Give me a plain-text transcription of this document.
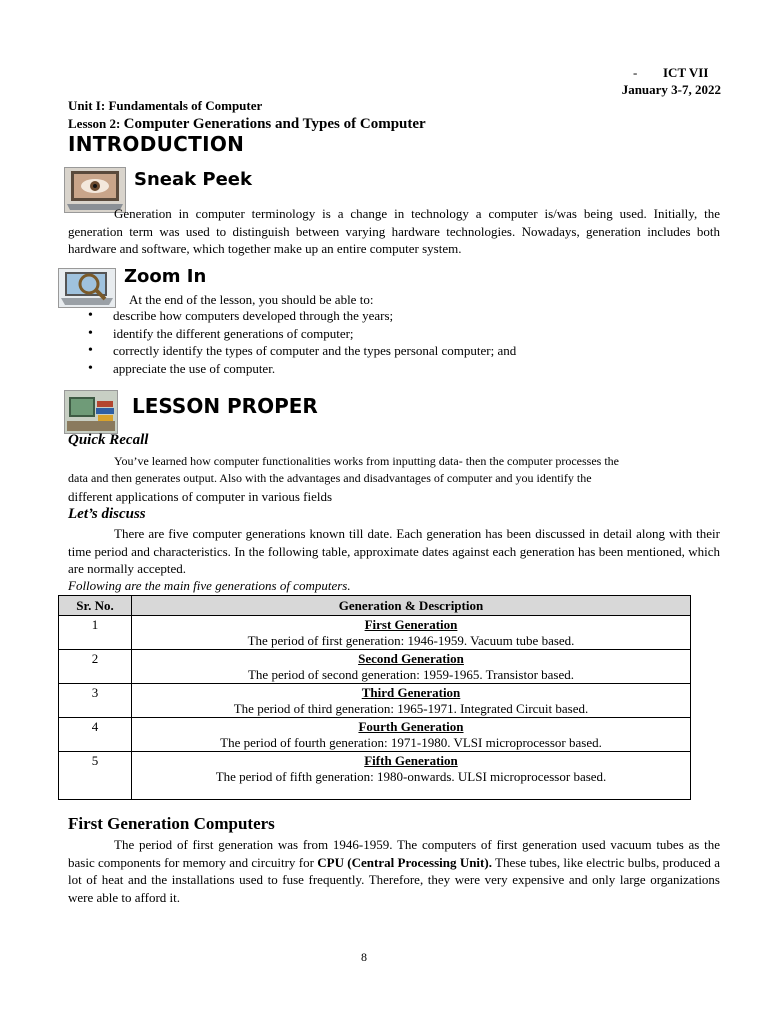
- ICT VII
January 3-7, 2022
Unit I: Fundamentals of Computer
Lesson 2: Computer Generations and Types of Computer
INTRODUCTION
Sneak Peek
Generation in computer terminology is a change in technology a computer is/was being used. Initially, the generation term was used to distinguish between varying hardware technologies. Nowadays, generation includes both hardware and software, which together make up an entire computer system.
Zoom In
At the end of the lesson, you should be able to:
• describe how computers developed through the years;
• identify the different generations of computer;
• correctly identify the types of computer and the types personal computer; and
• appreciate the use of computer.
LESSON PROPER
Quick Recall
You’ve learned how computer functionalities works from inputting data- then the computer processes the
data and then generates output. Also with the advantages and disadvantages of computer and you identify the
different applications of computer in various fields
Let’s discuss
There are five computer generations known till date. Each generation has been discussed in detail along with their time period and characteristics. In the following table, approximate dates against each generation has been mentioned, which are normally accepted.
Following are the main five generations of computers.
Sr. No.	Generation & Description
1	First Generation
The period of first generation: 1946-1959. Vacuum tube based.

2	Second Generation
The period of second generation: 1959-1965. Transistor based.

3	Third Generation
The period of third generation: 1965-1971. Integrated Circuit based.

4	Fourth Generation
The period of fourth generation: 1971-1980. VLSI microprocessor based.

5	Fifth Generation
The period of fifth generation: 1980-onwards. ULSI microprocessor based.
First Generation Computers
The period of first generation was from 1946-1959. The computers of first generation used vacuum tubes as the basic components for memory and circuitry for CPU (Central Processing Unit). These tubes, like electric bulbs, produced a lot of heat and the installations used to fuse frequently. Therefore, they were very expensive and only large organizations were able to afford it.
8
